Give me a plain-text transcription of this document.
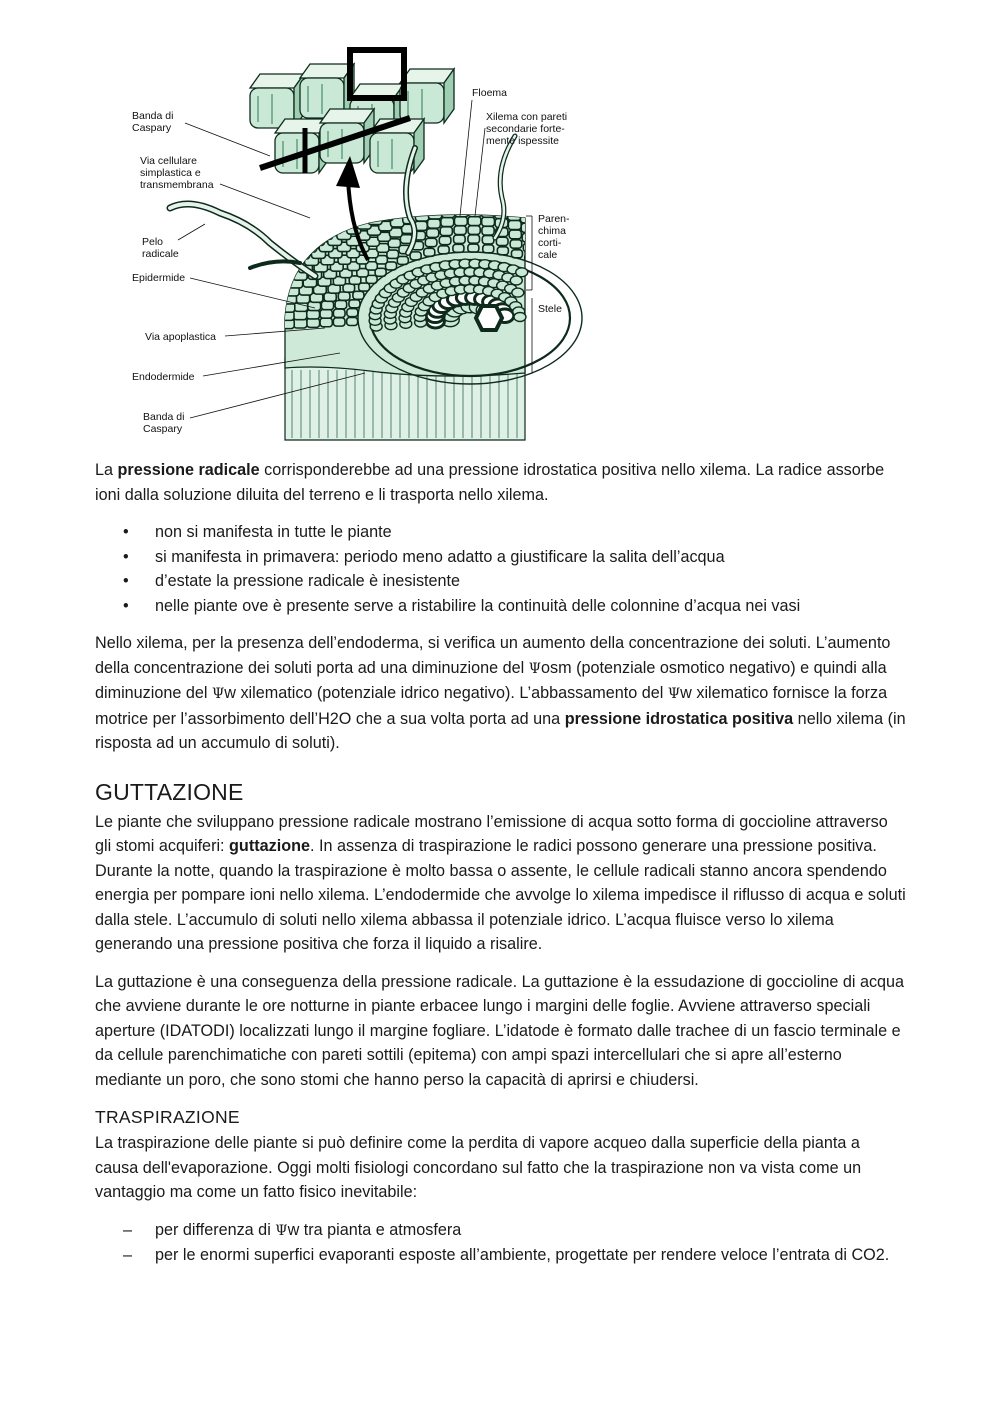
Banda di Caspary
Via cellulare simplastica e transmembrana
Pelo radicale
Epidermide
Via apoplastica
Endodermide
Banda di Caspary
Floema
Xilema con pareti secondarie forte-mente ispessite
Paren-chima corti-cale
Stele

La pressione radicale corrisponderebbe ad una pressione idrostatica positiva nello xilema. La radice assorbe ioni dalla soluzione diluita del terreno e li trasporta nello xilema.

• non si manifesta in tutte le piante
• si manifesta in primavera: periodo meno adatto a giustificare la salita dell’acqua
• d’estate la pressione radicale è inesistente
• nelle piante ove è presente serve a ristabilire la continuità delle colonnine d’acqua nei vasi

Nello xilema, per la presenza dell’endoderma, si verifica un aumento della concentrazione dei soluti. L’aumento della concentrazione dei soluti porta ad una diminuzione del Ψosm (potenziale osmotico negativo) e quindi alla diminuzione del Ψw xilematico (potenziale idrico negativo). L’abbassamento del Ψw xilematico fornisce la forza motrice per l’assorbimento dell’H2O che a sua volta porta ad una pressione idrostatica positiva nello xilema (in risposta ad un accumulo di soluti).

GUTTAZIONE

Le piante che sviluppano pressione radicale mostrano l’emissione di acqua sotto forma di goccioline attraverso gli stomi acquiferi: guttazione. In assenza di traspirazione le radici possono generare una pressione positiva. Durante la notte, quando la traspirazione è molto bassa o assente, le cellule radicali stanno ancora spendendo energia per pompare ioni nello xilema. L’endodermide che avvolge lo xilema impedisce il riflusso di acqua e soluti dalla stele. L’accumulo di soluti nello xilema abbassa il potenziale idrico. L’acqua fluisce verso lo xilema generando una pressione positiva che forza il liquido a risalire.

La guttazione è una conseguenza della pressione radicale. La guttazione è la essudazione di goccioline di acqua che avviene durante le ore notturne in piante erbacee lungo i margini delle foglie. Avviene attraverso speciali aperture (IDATODI) localizzati lungo il margine fogliare. L’idatode è formato dalle trachee di un fascio terminale e da cellule parenchimatiche con pareti sottili (epitema) con ampi spazi intercellulari che si apre all’esterno mediante un poro, che sono stomi che hanno perso la capacità di aprirsi e chiudersi.

TRASPIRAZIONE

La traspirazione delle piante si può definire come la perdita di vapore acqueo dalla superficie della pianta a causa dell'evaporazione. Oggi molti fisiologi concordano sul fatto che la traspirazione non va vista come un vantaggio ma come un fatto fisico inevitabile:

– per differenza di Ψw tra pianta e atmosfera
– per le enormi superfici evaporanti esposte all’ambiente, progettate per rendere veloce l’entrata di CO2.
